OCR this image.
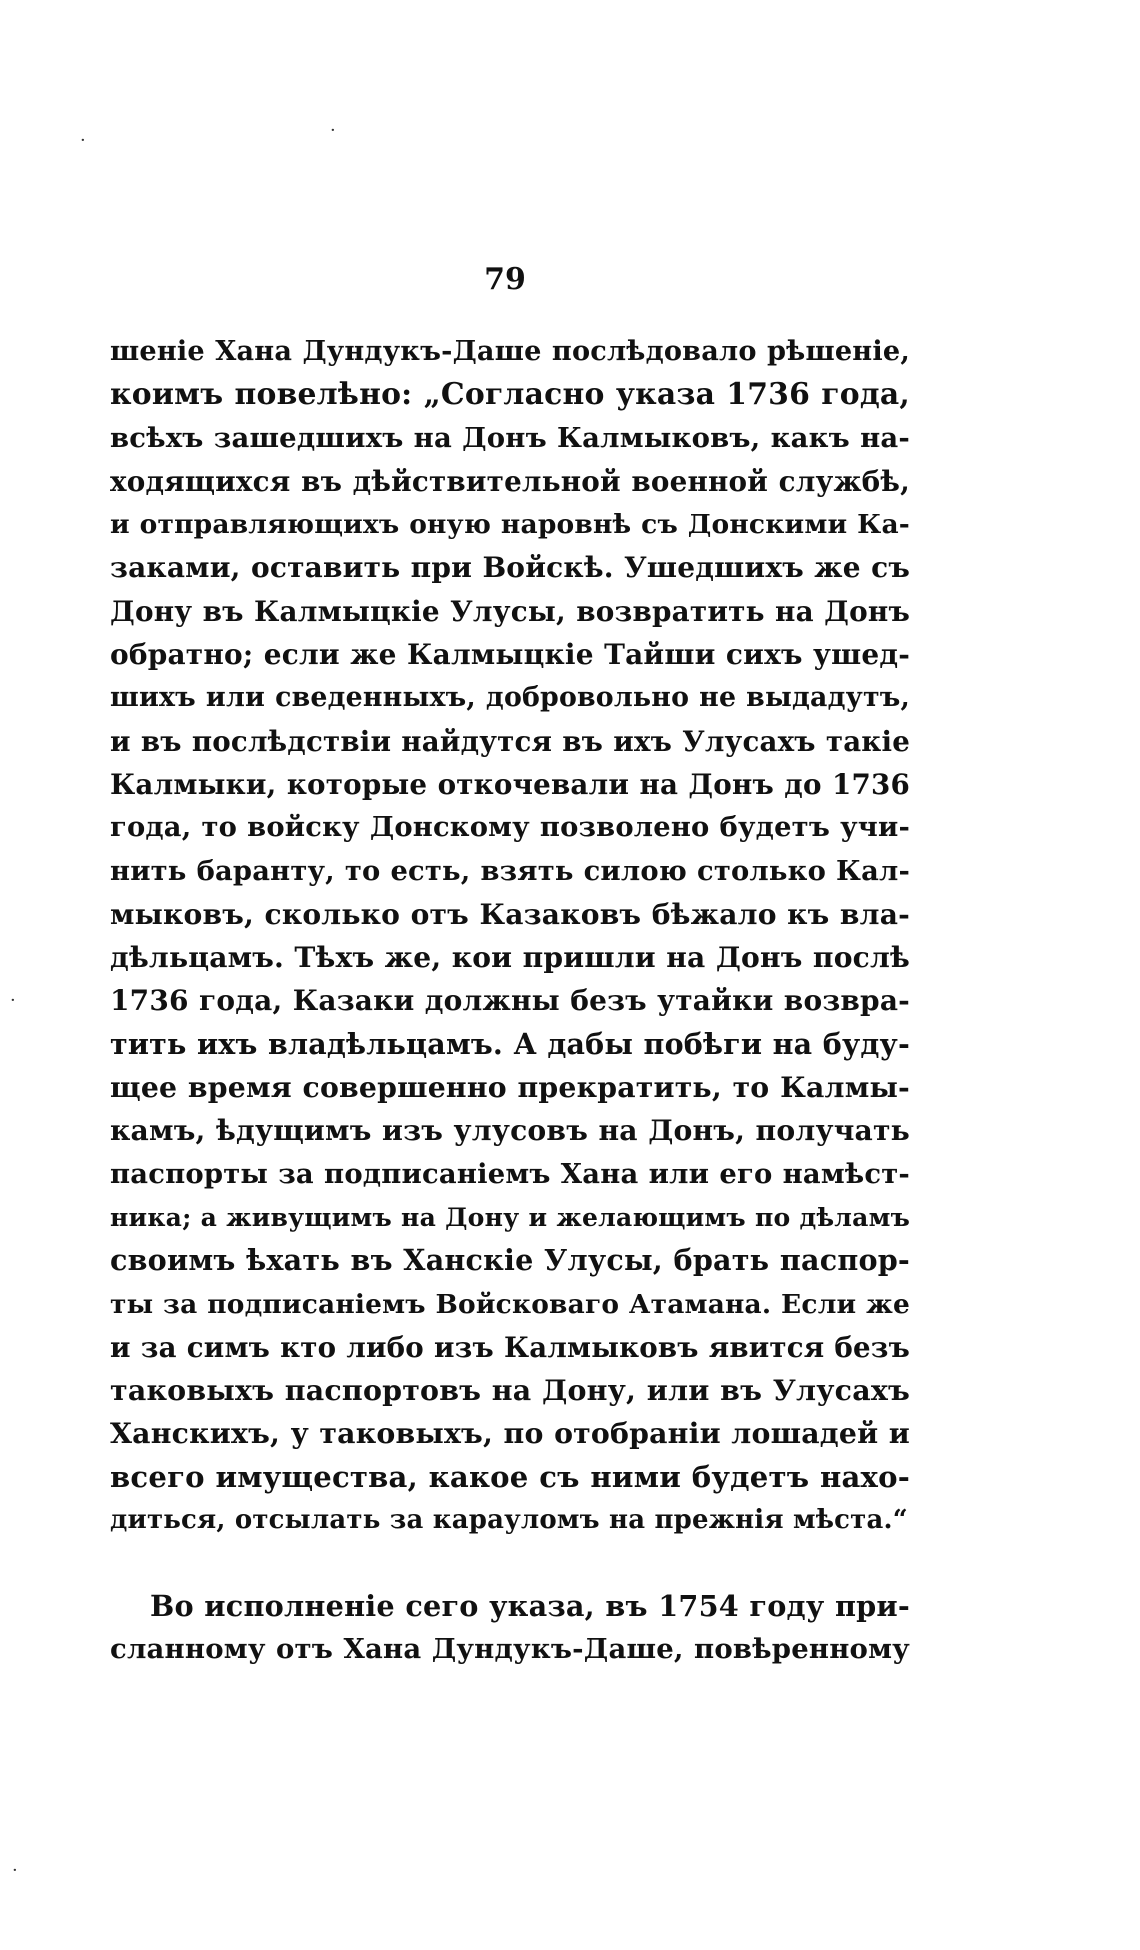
79
шеніе Хана Дундукъ-Даше послѣдовало рѣшеніе,
коимъ повелѣно: „Согласно указа 1736 года,
всѣхъ зашедшихъ на Донъ Калмыковъ, какъ на-
ходящихся въ дѣйствительной военной службѣ,
и отправляющихъ оную наровнѣ съ Донскими Ка-
заками, оставить при Войскѣ. Ушедшихъ же съ
Дону въ Калмыцкіе Улусы, возвратить на Донъ
обратно; если же Калмыцкіе Тайши сихъ ушед-
шихъ или сведенныхъ, добровольно не выдадутъ,
и въ послѣдствіи найдутся въ ихъ Улусахъ такіе
Калмыки, которые откочевали на Донъ до 1736
года, то войску Донскому позволено будетъ учи-
нить баранту, то есть, взять силою столько Кал-
мыковъ, сколько отъ Казаковъ бѣжало къ вла-
дѣльцамъ. Тѣхъ же, кои пришли на Донъ послѣ
1736 года, Казаки должны безъ утайки возвра-
тить ихъ владѣльцамъ. А дабы побѣги на буду-
щее время совершенно прекратить, то Калмы-
камъ, ѣдущимъ изъ улусовъ на Донъ, получать
паспорты за подписаніемъ Хана или его намѣст-
ника; а живущимъ на Дону и желающимъ по дѣламъ
своимъ ѣхать въ Ханскіе Улусы, брать паспор-
ты за подписаніемъ Войсковаго Атамана. Если же
и за симъ кто либо изъ Калмыковъ явится безъ
таковыхъ паспортовъ на Дону, или въ Улусахъ
Ханскихъ, у таковыхъ, по отобраніи лошадей и
всего имущества, какое съ ними будетъ нахо-
диться, отсылать за карауломъ на прежнія мѣста.“
Во исполненіе сего указа, въ 1754 году при-
сланному отъ Хана Дундукъ-Даше, повѣренному
·	·
·
·
